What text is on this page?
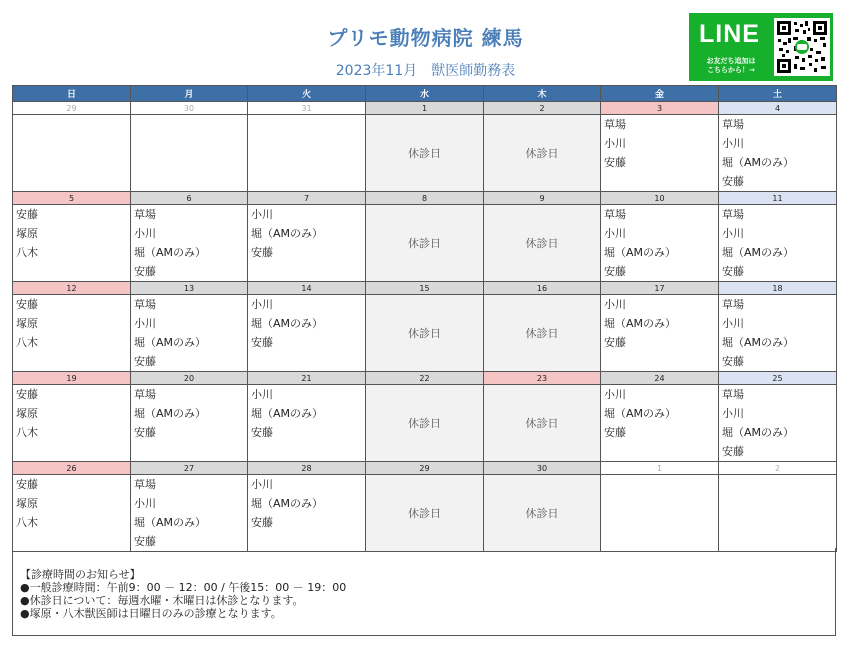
プリモ動物病院 練馬
2023年11月　獣医師勤務表
LINE
お友だち追加は
こちらから！→
日	月	火	水	木	金	土
29	30	31	1	2	3	4
			休診日	休診日	草場
小川
安藤	草場
小川
堀（AMのみ）
安藤

5	6	7	8	9	10	11

安藤
塚原
八木	草場
小川
堀（AMのみ）
安藤	小川
堀（AMのみ）
安藤	休診日	休診日	草場
小川
堀（AMのみ）
安藤	草場
小川
堀（AMのみ）
安藤

12	13	14	15	16	17	18

安藤
塚原
八木	草場
小川
堀（AMのみ）
安藤	小川
堀（AMのみ）
安藤	休診日	休診日	小川
堀（AMのみ）
安藤	草場
小川
堀（AMのみ）
安藤

19	20	21	22	23	24	25

安藤
塚原
八木	草場
堀（AMのみ）
安藤	小川
堀（AMのみ）
安藤	休診日	休診日	小川
堀（AMのみ）
安藤	草場
小川
堀（AMのみ）
安藤

26	27	28	29	30	1	2

安藤
塚原
八木	草場
小川
堀（AMのみ）
安藤	小川
堀（AMのみ）
安藤	休診日	休診日		
【診療時間のお知らせ】
●一般診療時間：午前9：00 － 12：00 / 午後15：00 － 19：00
●休診日について：毎週水曜・木曜日は休診となります。
●塚原・八木獣医師は日曜日のみの診療となります。
